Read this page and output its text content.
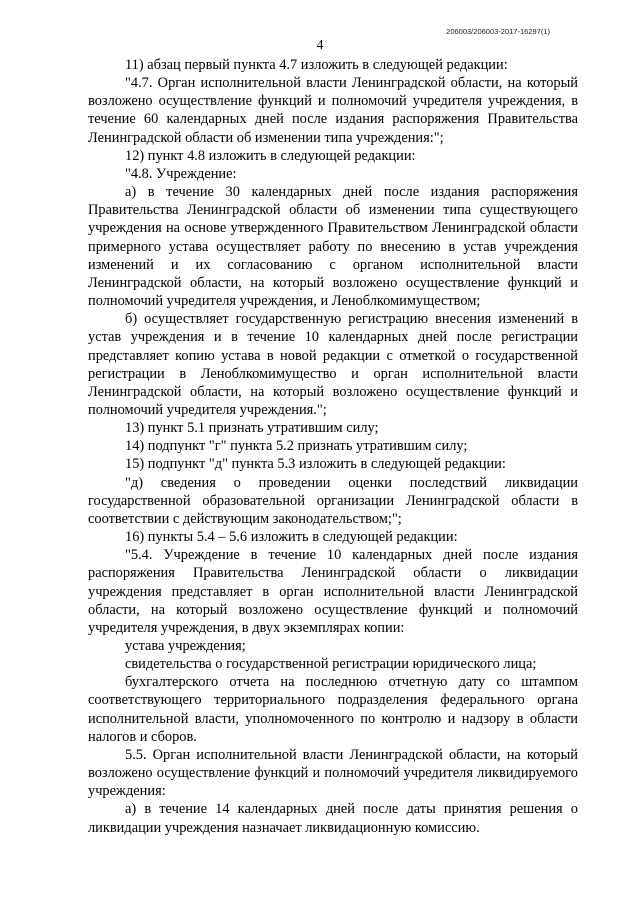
206003/206003-2017-16297(1)
4

11) абзац первый пункта 4.7 изложить в следующей редакции:

"4.7. Орган исполнительной власти Ленинградской области, на который возложено осуществление функций и полномочий учредителя учреждения, в течение 60 календарных дней после издания распоряжения Правительства Ленинградской области об изменении типа учреждения:";

12) пункт 4.8 изложить в следующей редакции:

"4.8. Учреждение:

а) в течение 30 календарных дней после издания распоряжения Правительства Ленинградской области об изменении типа существующего учреждения на основе утвержденного Правительством Ленинградской области примерного устава осуществляет работу по внесению в устав учреждения изменений и их согласованию с органом исполнительной власти Ленинградской области, на который возложено осуществление функций и полномочий учредителя учреждения, и Леноблкомимуществом;

б) осуществляет государственную регистрацию внесения изменений в устав учреждения и в течение 10 календарных дней после регистрации представляет копию устава в новой редакции с отметкой о государственной регистрации в Леноблкомимущество и орган исполнительной власти Ленинградской области, на который возложено осуществление функций и полномочий учредителя учреждения.";

13) пункт 5.1 признать утратившим силу;

14) подпункт "г" пункта 5.2 признать утратившим силу;

15) подпункт "д" пункта 5.3 изложить в следующей редакции:

"д) сведения о проведении оценки последствий ликвидации государственной образовательной организации Ленинградской области в соответствии с действующим законодательством;";

16) пункты 5.4 – 5.6 изложить в следующей редакции:

"5.4. Учреждение в течение 10 календарных дней после издания распоряжения Правительства Ленинградской области о ликвидации учреждения представляет в орган исполнительной власти Ленинградской области, на который возложено осуществление функций и полномочий учредителя учреждения, в двух экземплярах копии:

устава учреждения;

свидетельства о государственной регистрации юридического лица;

бухгалтерского отчета на последнюю отчетную дату со штампом соответствующего территориального подразделения федерального органа исполнительной власти, уполномоченного по контролю и надзору в области налогов и сборов.

5.5. Орган исполнительной власти Ленинградской области, на который возложено осуществление функций и полномочий учредителя ликвидируемого учреждения:

а) в течение 14 календарных дней после даты принятия решения о ликвидации учреждения назначает ликвидационную комиссию.
